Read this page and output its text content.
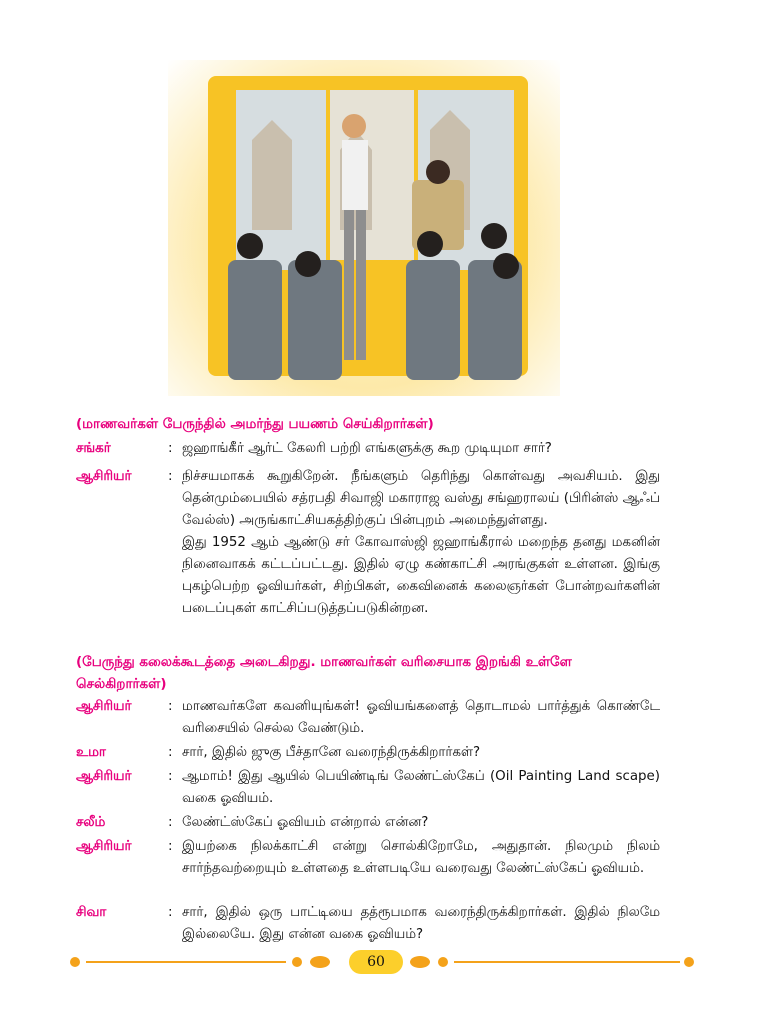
(மாணவர்கள் பேருந்தில் அமர்ந்து பயணம் செய்கிறார்கள்)
சங்கர்	: ஜஹாங்கீர் ஆர்ட் கேலரி பற்றி எங்களுக்கு கூற முடியுமா சார்?

ஆசிரியர்	: நிச்சயமாகக் கூறுகிறேன். நீங்களும் தெரிந்து கொள்வது அவசியம். இது தென்மும்பையில் சத்ரபதி சிவாஜி மகாராஜ வஸ்து சங்ஹராலய் (பிரின்ஸ் ஆஃப் வேல்ஸ்) அருங்காட்சியகத்திற்குப் பின்புறம் அமைந்துள்ளது.

இது 1952 ஆம் ஆண்டு சர் கோவாஸ்ஜி ஜஹாங்கீரால் மறைந்த தனது மகனின் நினைவாகக் கட்டப்பட்டது. இதில் ஏழு கண்காட்சி அரங்குகள் உள்ளன. இங்கு புகழ்பெற்ற ஓவியர்கள், சிற்பிகள், கைவினைக் கலைஞர்கள் போன்றவர்களின் படைப்புகள் காட்சிப்படுத்தப்படுகின்றன.

(பேருந்து கலைக்கூடத்தை அடைகிறது. மாணவர்கள் வரிசையாக இறங்கி உள்ளே
செல்கிறார்கள்)
ஆசிரியர்	: மாணவர்களே கவனியுங்கள்! ஓவியங்களைத் தொடாமல் பார்த்துக் கொண்டே வரிசையில் செல்ல வேண்டும்.

உமா	: சார், இதில் ஜுகு பீச்தானே வரைந்திருக்கிறார்கள்?

ஆசிரியர்	: ஆமாம்! இது ஆயில் பெயிண்டிங் லேண்ட்ஸ்கேப் (Oil Painting Land scape) வகை ஓவியம்.

சலீம்	: லேண்ட்ஸ்கேப் ஓவியம் என்றால் என்ன?

ஆசிரியர்	: இயற்கை நிலக்காட்சி என்று சொல்கிறோமே, அதுதான். நிலமும் நிலம் சார்ந்தவற்றையும் உள்ளதை உள்ளபடியே வரைவது லேண்ட்ஸ்கேப் ஓவியம்.

சிவா	: சார், இதில் ஒரு பாட்டியை தத்ரூபமாக வரைந்திருக்கிறார்கள். இதில் நிலமே இல்லையே. இது என்ன வகை ஓவியம்?

60
